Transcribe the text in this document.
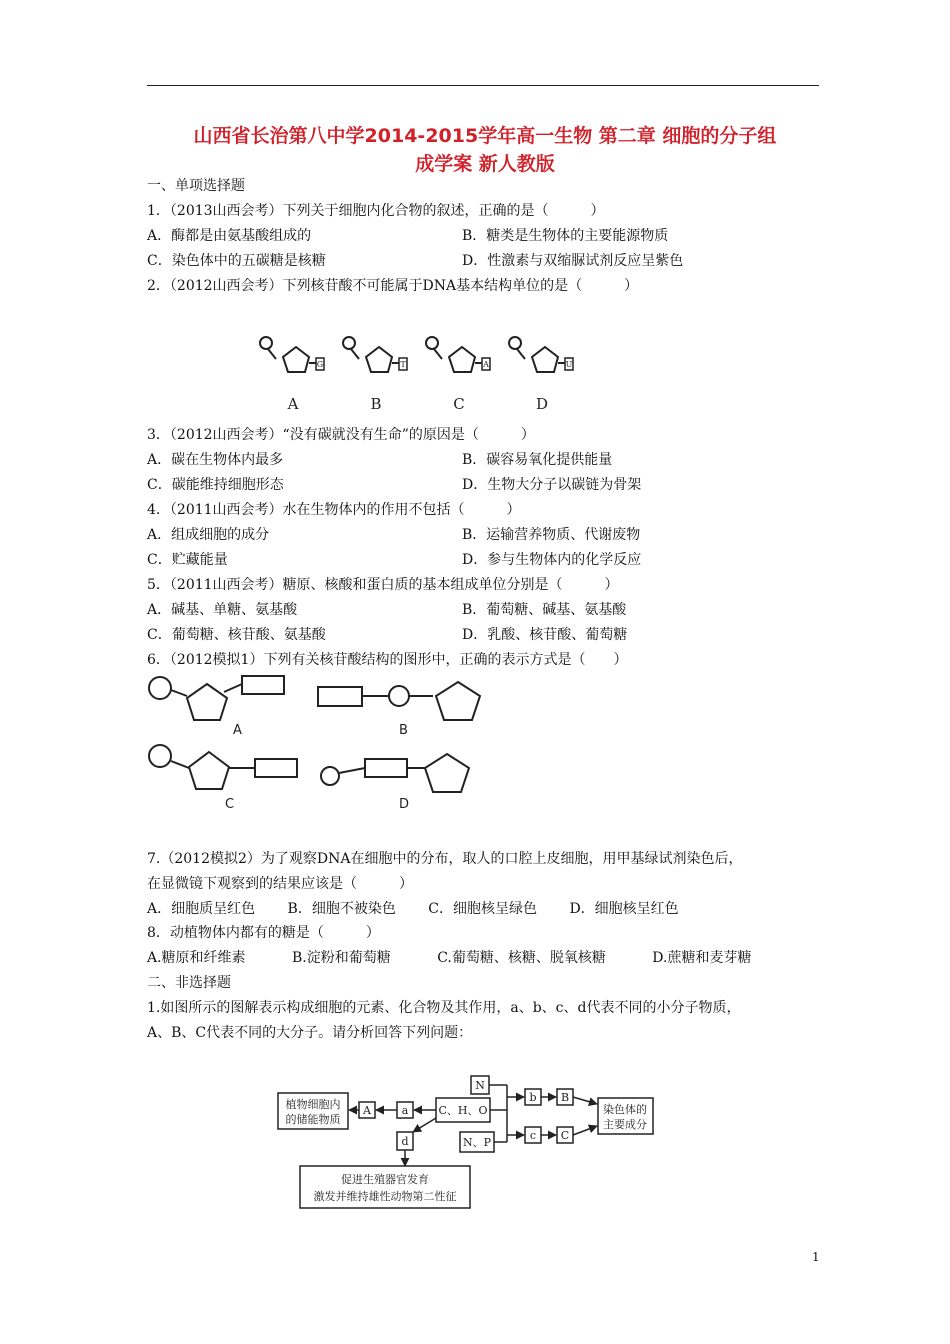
山西省长治第八中学2014-2015学年高一生物 第二章 细胞的分子组
成学案 新人教版
一、单项选择题
1．（2013山西会考）下列关于细胞内化合物的叙述，正确的是（　　　）
A．酶都是由氨基酸组成的	B．糖类是生物体的主要能源物质
C．染色体中的五碳糖是核糖	D．性激素与双缩脲试剂反应呈紫色
2．（2012山西会考）下列核苷酸不可能属于DNA基本结构单位的是（　　　）
G
A
T
B
A
C
U
D
3．（2012山西会考）“没有碳就没有生命”的原因是（　　　）
A．碳在生物体内最多	B．碳容易氧化提供能量
C．碳能维持细胞形态	D．生物大分子以碳链为骨架
4．（2011山西会考）水在生物体内的作用不包括（　　　）
A．组成细胞的成分	B．运输营养物质、代谢废物
C．贮藏能量	D．参与生物体内的化学反应
5．（2011山西会考）糖原、核酸和蛋白质的基本组成单位分别是（　　　）
A．碱基、单糖、氨基酸	B．葡萄糖、碱基、氨基酸
C．葡萄糖、核苷酸、氨基酸	D．乳酸、核苷酸、葡萄糖
6．（2012模拟1）下列有关核苷酸结构的图形中，正确的表示方式是（　　）
A	B
C	D
7.（2012模拟2）为了观察DNA在细胞中的分布，取人的口腔上皮细胞，用甲基绿试剂染色后，
在显微镜下观察到的结果应该是（　　　）
A．细胞质呈红色　　 B．细胞不被染色　　 C．细胞核呈绿色　　 D．细胞核呈红色
8．动植物体内都有的糖是（　　　）
A.糖原和纤维素　　　 B.淀粉和葡萄糖　　　 C.葡萄糖、核糖、脱氧核糖　　　 D.蔗糖和麦芽糖
二、非选择题
1.如图所示的图解表示构成细胞的元素、化合物及其作用，a、b、c、d代表不同的小分子物质，
A、B、C代表不同的大分子。请分析回答下列问题：
植物细胞内
的储能物质
A	a	C、H、O
d
促进生殖器官发育
激发并维持雄性动物第二性征
N
N、P
b B
c C
染色体的
主要成分
1
